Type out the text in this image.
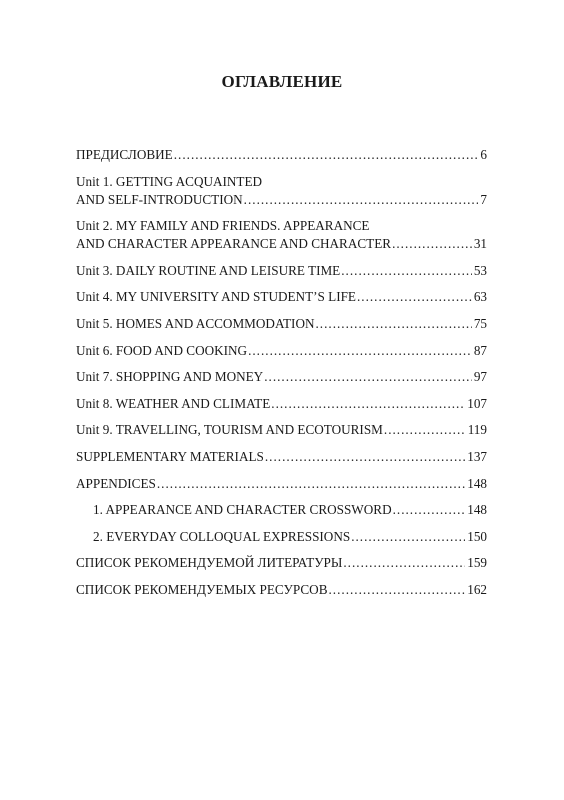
ОГЛАВЛЕНИЕ
ПРЕДИСЛОВИЕ .....	6
Unit 1. GETTING ACQUAINTED
AND SELF-INTRODUCTION .....	7
Unit 2. MY FAMILY AND FRIENDS. APPEARANCE
AND CHARACTER APPEARANCE AND CHARACTER .....	31
Unit 3. DAILY ROUTINE AND LEISURE TIME .....	53
Unit 4. MY UNIVERSITY AND STUDENT’S LIFE .....	63
Unit 5. HOMES AND ACCOMMODATION .....	75
Unit 6. FOOD AND COOKING .....	87
Unit 7. SHOPPING AND MONEY .....	97
Unit 8. WEATHER AND CLIMATE .....	107
Unit 9. TRAVELLING, TOURISM AND ECOTOURISM .....	119
SUPPLEMENTARY MATERIALS .....	137
APPENDICES .....	148
1. APPEARANCE AND CHARACTER CROSSWORD .....	148
2. EVERYDAY COLLOQUAL EXPRESSIONS .....	150
СПИСОК РЕКОМЕНДУЕМОЙ ЛИТЕРАТУРЫ .....	159
СПИСОК РЕКОМЕНДУЕМЫХ РЕСУРСОВ .....	162
